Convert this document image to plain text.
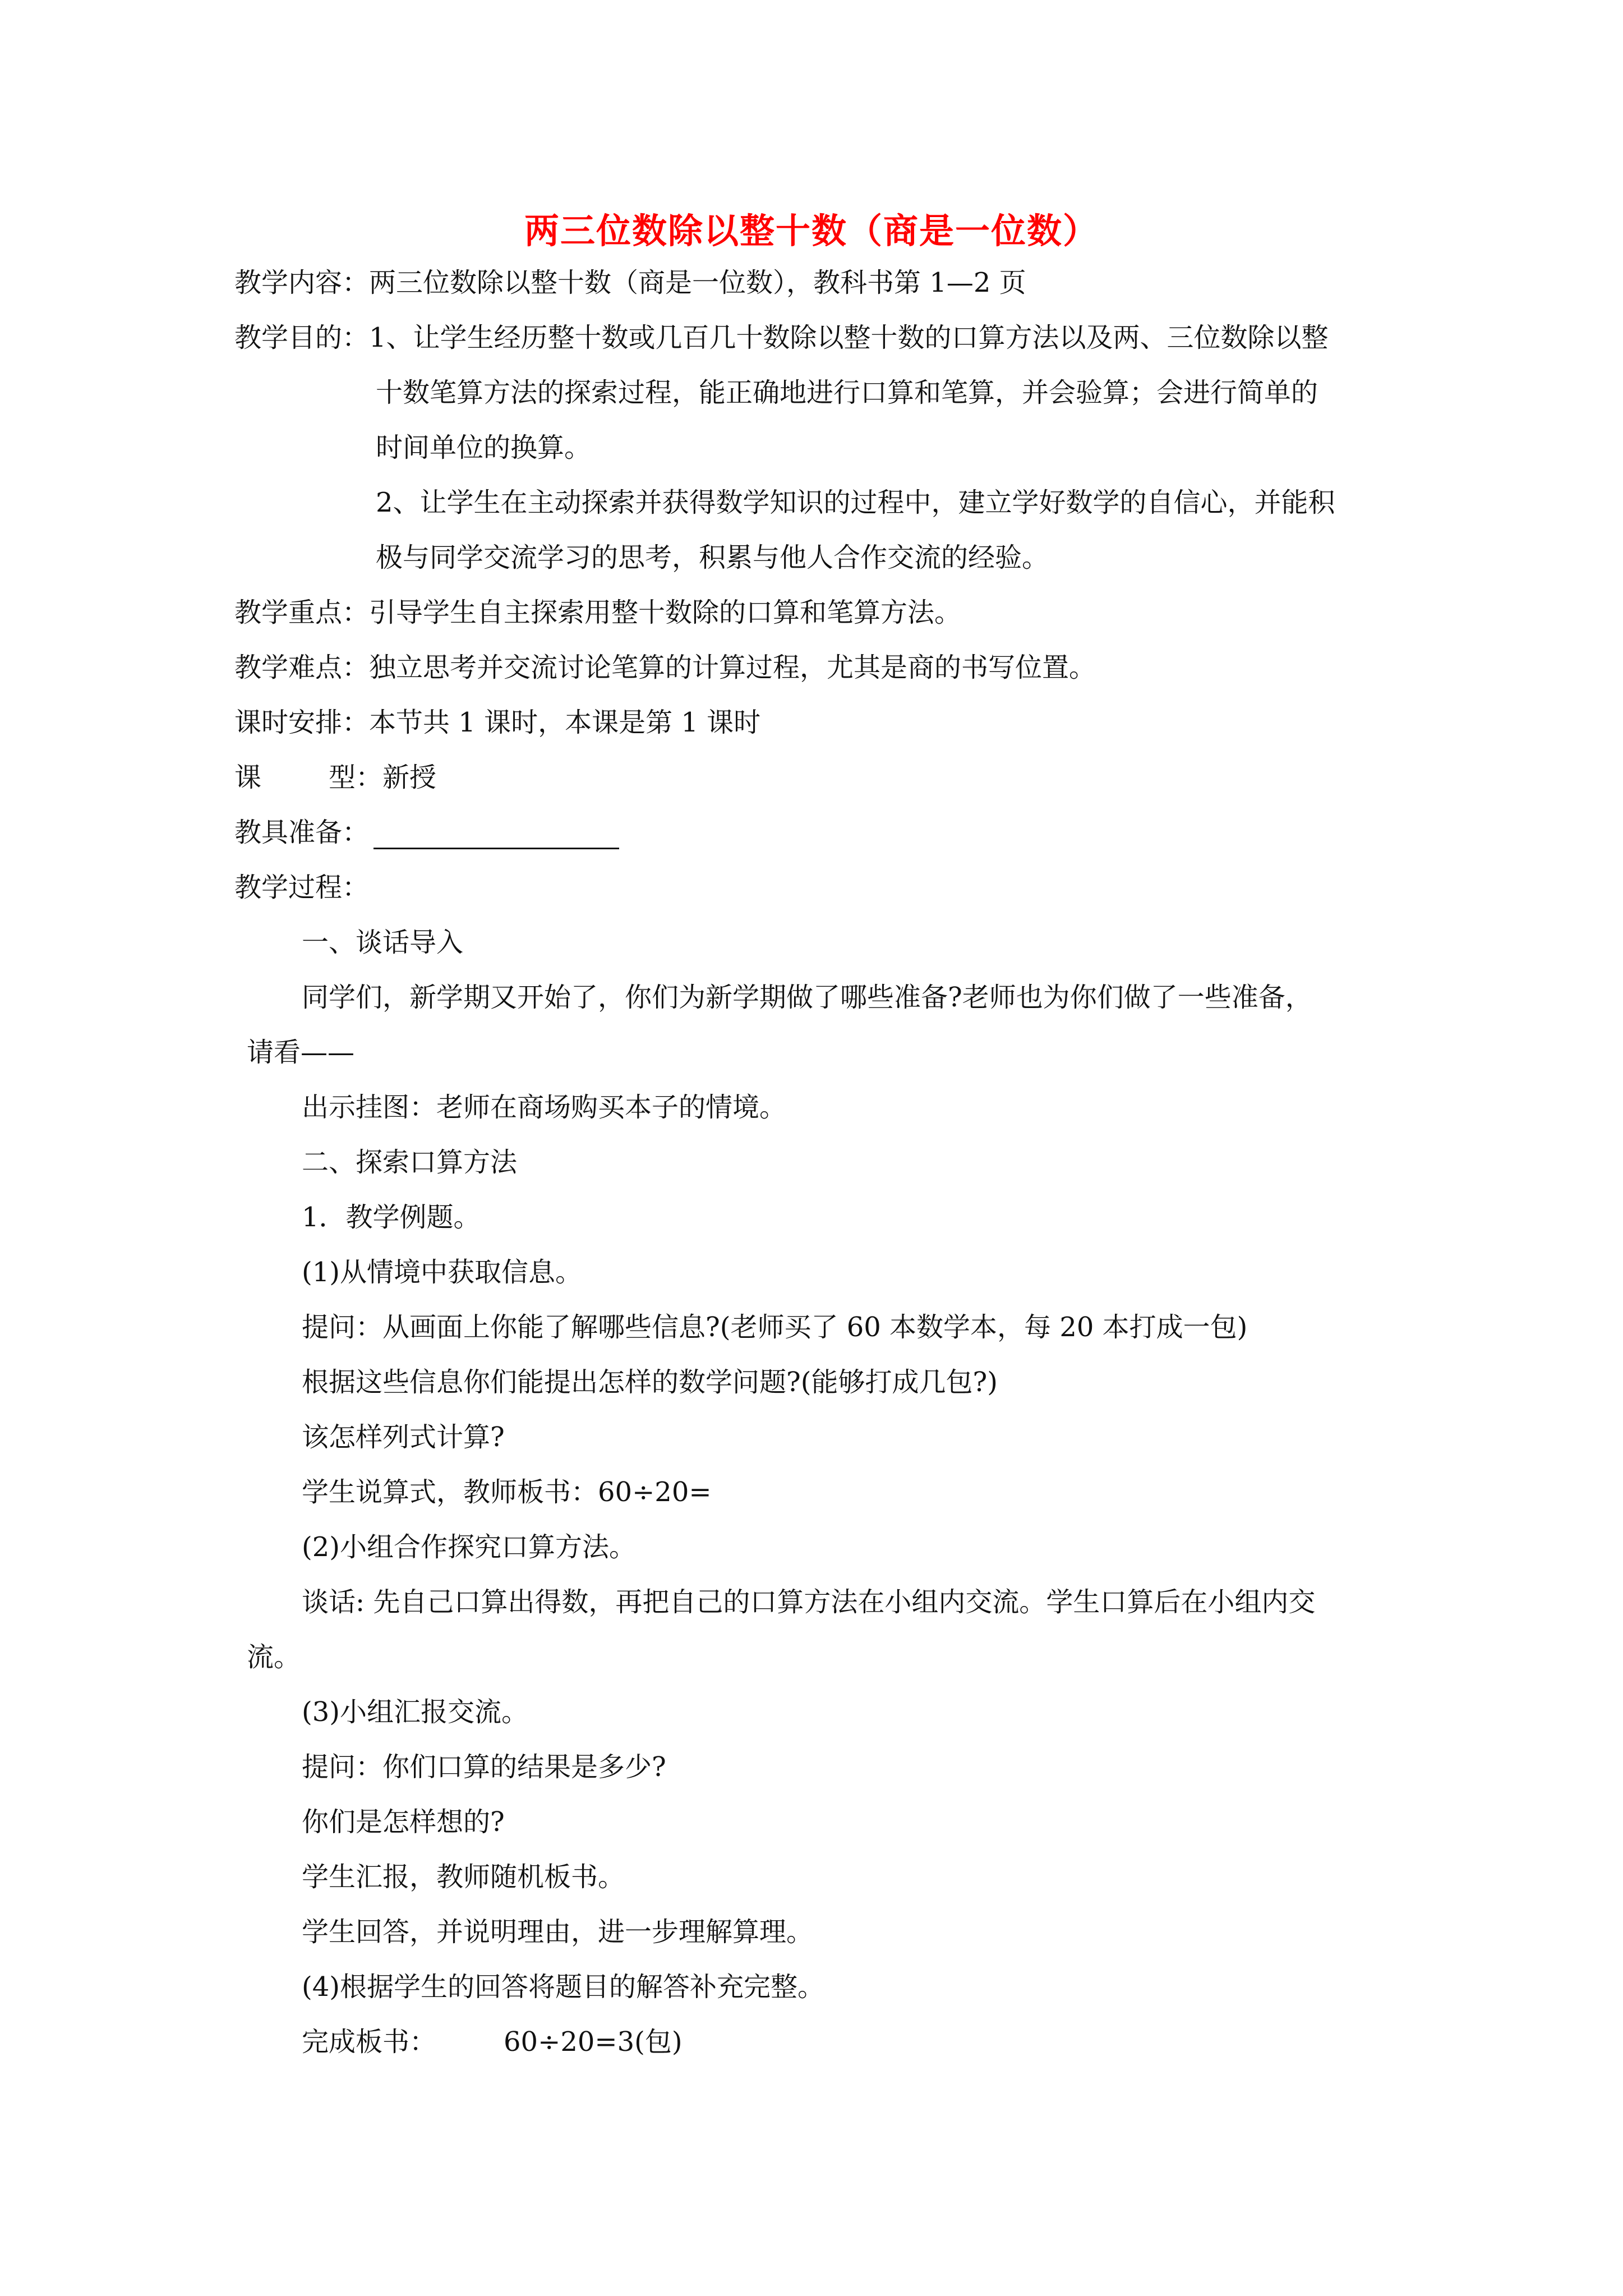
两三位数除以整十数（商是一位数）
教学内容：两三位数除以整十数（商是一位数），教科书第 1—2 页
教学目的：1、让学生经历整十数或几百几十数除以整十数的口算方法以及两、三位数除以整
十数笔算方法的探索过程，能正确地进行口算和笔算，并会验算；会进行简单的
时间单位的换算。
2、让学生在主动探索并获得数学知识的过程中，建立学好数学的自信心，并能积
极与同学交流学习的思考，积累与他人合作交流的经验。
教学重点：引导学生自主探索用整十数除的口算和笔算方法。
教学难点：独立思考并交流讨论笔算的计算过程，尤其是商的书写位置。
课时安排：本节共 1 课时，本课是第 1 课时
课	型：新授
教具准备：
教学过程：
一、谈话导入
同学们，新学期又开始了，你们为新学期做了哪些准备?老师也为你们做了一些准备，
请看——
出示挂图：老师在商场购买本子的情境。
二、探索口算方法
1．教学例题。
(1)从情境中获取信息。
提问：从画面上你能了解哪些信息?(老师买了 60 本数学本，每 20 本打成一包)
根据这些信息你们能提出怎样的数学问题?(能够打成几包?)
该怎样列式计算?
学生说算式，教师板书：60÷20=
(2)小组合作探究口算方法。
谈话: 先自己口算出得数，再把自己的口算方法在小组内交流。学生口算后在小组内交
流。
(3)小组汇报交流。
提问：你们口算的结果是多少?
你们是怎样想的?
学生汇报，教师随机板书。
学生回答，并说明理由，进一步理解算理。
(4)根据学生的回答将题目的解答补充完整。
完成板书：	60÷20=3(包)
